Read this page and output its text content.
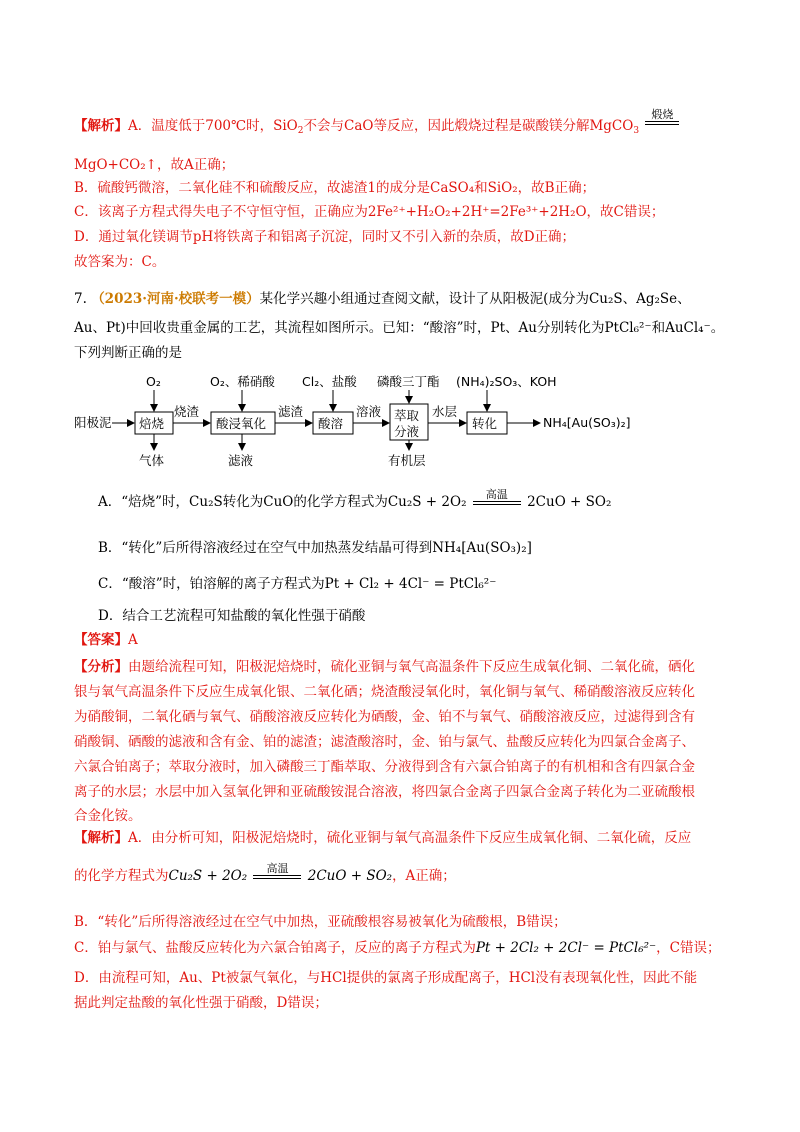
【解析】A．温度低于700℃时，SiO$_2$不会与CaO等反应，因此煅烧过程是碳酸镁分解MgCO$_3$
煅烧
MgO+CO₂↑，故A正确；
B．硫酸钙微溶，二氧化硅不和硫酸反应，故滤渣1的成分是CaSO₄和SiO₂，故B正确；
C．该离子方程式得失电子不守恒守恒，正确应为2Fe²⁺+H₂O₂+2H⁺=2Fe³⁺+2H₂O，故C错误；
D．通过氧化镁调节pH将铁离子和铝离子沉淀，同时又不引入新的杂质，故D正确；
故答案为：C。
7. （2023·河南·校联考一模）某化学兴趣小组通过查阅文献，设计了从阳极泥(成分为Cu₂S、Ag₂Se、
Au、Pt)中回收贵重金属的工艺，其流程如图所示。已知：“酸溶”时，Pt、Au分别转化为PtCl₆²⁻和AuCl₄⁻。
下列判断正确的是
阳极泥 焙烧
O₂
气体
烧渣
酸浸氧化
O₂、稀硝酸
滤液
滤渣
酸溶
Cl₂、盐酸
溶液 萃取
分液
磷酸三丁酯
有机层
水层
转化
(NH₄)₂SO₃、KOH
NH₄[Au(SO₃)₂]
A．“焙烧”时，Cu₂S转化为CuO的化学方程式为Cu₂S + 2O₂	高温	2CuO + SO₂
B．“转化”后所得溶液经过在空气中加热蒸发结晶可得到NH₄[Au(SO₃)₂]
C．“酸溶”时，铂溶解的离子方程式为Pt + Cl₂ + 4Cl⁻ = PtCl₆²⁻
D．结合工艺流程可知盐酸的氧化性强于硝酸
【答案】A
【分析】由题给流程可知，阳极泥焙烧时，硫化亚铜与氧气高温条件下反应生成氧化铜、二氧化硫，硒化
银与氧气高温条件下反应生成氧化银、二氧化硒；烧渣酸浸氧化时，氧化铜与氧气、稀硝酸溶液反应转化
为硝酸铜，二氧化硒与氧气、硝酸溶液反应转化为硒酸，金、铂不与氧气、硝酸溶液反应，过滤得到含有
硝酸铜、硒酸的滤液和含有金、铂的滤渣；滤渣酸溶时，金、铂与氯气、盐酸反应转化为四氯合金离子、
六氯合铂离子；萃取分液时，加入磷酸三丁酯萃取、分液得到含有六氯合铂离子的有机相和含有四氯合金
离子的水层；水层中加入氢氧化钾和亚硫酸铵混合溶液，将四氯合金离子四氯合金离子转化为二亚硫酸根
合金化铵。
【解析】A．由分析可知，阳极泥焙烧时，硫化亚铜与氧气高温条件下反应生成氧化铜、二氧化硫，反应
的化学方程式为Cu₂S + 2O₂	高温	2CuO + SO₂，A正确；
B．“转化”后所得溶液经过在空气中加热，亚硫酸根容易被氧化为硫酸根，B错误；
C．铂与氯气、盐酸反应转化为六氯合铂离子，反应的离子方程式为Pt + 2Cl₂ + 2Cl⁻ = PtCl₆²⁻，C错误；
D．由流程可知，Au、Pt被氯气氧化，与HCl提供的氯离子形成配离子，HCl没有表现氧化性，因此不能
据此判定盐酸的氧化性强于硝酸，D错误；
